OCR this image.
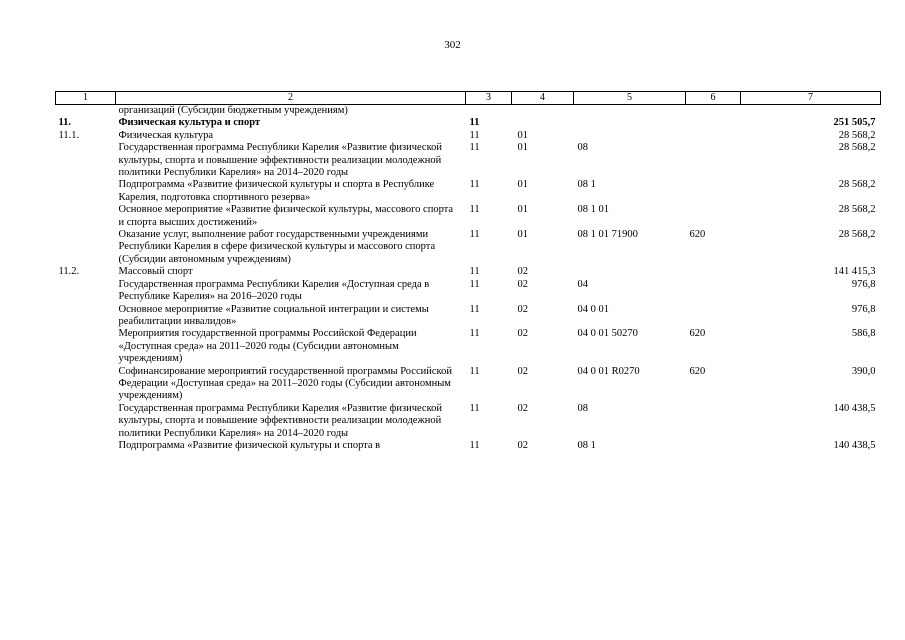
302
1	2	3	4	5	6	7
	организаций (Субсидии бюджетным учреждениям)					
11.	Физическая культура и спорт	11				251 505,7
11.1.	Физическая культура	11	01			28 568,2
	Государственная программа Республики Карелия «Развитие физической культуры, спорта и повышение эффективности реализации молодежной политики Республики Карелия» на 2014–2020 годы	11	01	08		28 568,2
	Подпрограмма «Развитие физической культуры и спорта в Республике Карелия, подготовка спортивного резерва»	11	01	08 1		28 568,2
	Основное мероприятие «Развитие физической культуры, массового спорта и спорта высших достижений»	11	01	08 1 01		28 568,2
	Оказание услуг, выполнение работ государственными учреждениями Республики Карелия в сфере физической культуры и массового спорта (Субсидии автономным учреждениям)	11	01	08 1 01 71900	620	28 568,2
11.2.	Массовый спорт	11	02			141 415,3
	Государственная программа Республики Карелия «Доступная среда в Республике Карелия» на 2016–2020 годы	11	02	04		976,8
	Основное мероприятие «Развитие социальной интеграции и системы реабилитации инвалидов»	11	02	04 0 01		976,8
	Мероприятия государственной программы Российской Федерации «Доступная среда» на 2011–2020 годы (Субсидии автономным учреждениям)	11	02	04 0 01 50270	620	586,8
	Софинансирование мероприятий государственной программы Российской Федерации «Доступная среда» на 2011–2020 годы (Субсидии автономным учреждениям)	11	02	04 0 01 R0270	620	390,0
	Государственная программа Республики Карелия «Развитие физической культуры, спорта и повышение эффективности реализации молодежной политики Республики Карелия» на 2014–2020 годы	11	02	08		140 438,5
	Подпрограмма «Развитие физической культуры и спорта в	11	02	08 1		140 438,5
